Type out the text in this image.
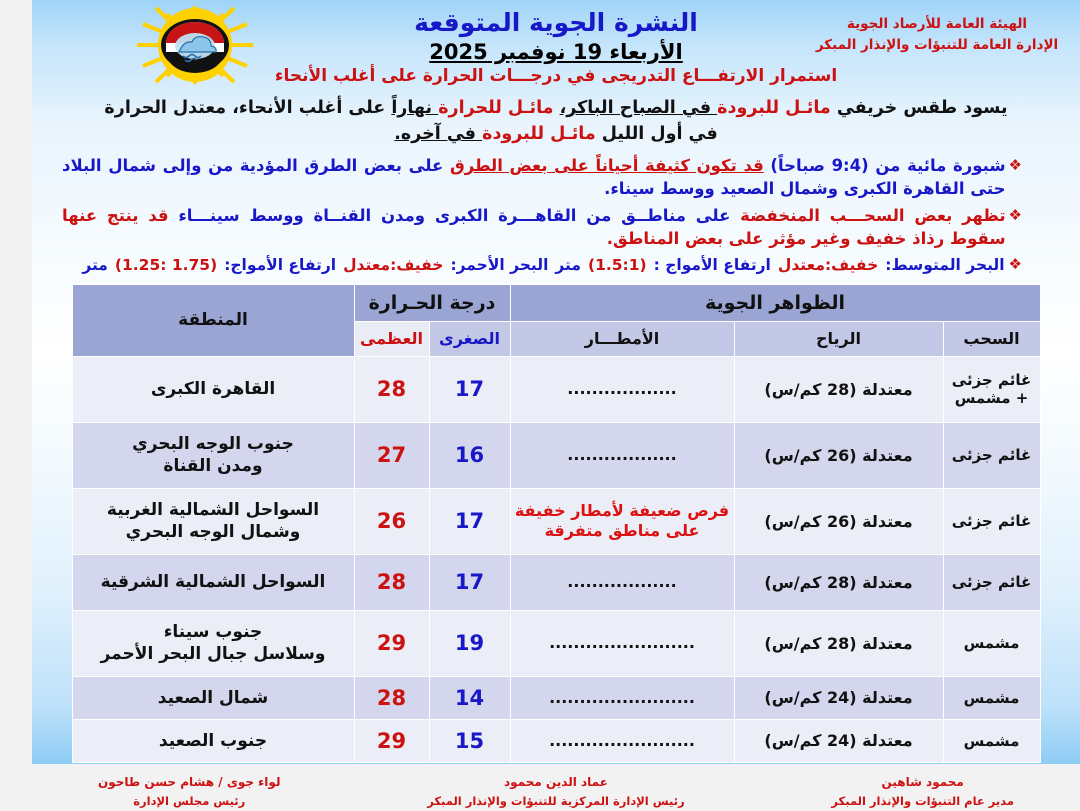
الهيئة العامة للأرصاد الجوية
الإدارة العامة للتنبؤات والإنذار المبكر
النشرة الجوية المتوقعة
الأربعاء 19 نوفمبر 2025
استمرار الارتفـــاع التدريجى في درجـــات الحرارة على أغلب الأنحاء
يسود طقس خريفي مائـل للبرودة في الصباح الباكر، مائـل للحرارة نهاراً على أغلب الأنحاء، معتدل الحرارة في أول الليل مائـل للبرودة في آخره.
❖
شبورة مائية من (9:4 صباحاً) قد تكون كثيفة أحياناً على بعض الطرق على بعض الطرق المؤدية من وإلى شمال البلاد حتى القاهرة الكبرى وشمال الصعيد ووسط سيناء.
❖
تظهر بعض السحـــب المنخفضة على مناطــق من القاهـــرة الكبرى ومدن القنــاة ووسط سينـــاء قد ينتج عنها سقوط رذاذ خفيف وغير مؤثر على بعض المناطق.
❖
البحر المتوسط:
خفيف:معتدل
ارتفاع الأمواج :
(1.5:1)
متر
البحر الأحمر:
خفيف:معتدل
ارتفاع الأمواج:
(1.75 :1.25)
متر
الظواهر الجوية			درجة الحـرارة		المنطقة
السحب	الرياح	الأمطـــار	الصغرى	العظمى	
غائم جزئى
+ مشمس	معتدلة (28 كم/س)	..................	17	28	القاهرة الكبرى
غائم جزئى	معتدلة (26 كم/س)	..................	16	27	جنوب الوجه البحري
ومدن القناة
غائم جزئى	معتدلة (26 كم/س)	فرص ضعيفة لأمطار خفيفة
على مناطق متفرقة	17	26	السواحل الشمالية الغربية
وشمال الوجه البحري
غائم جزئى	معتدلة (28 كم/س)	..................	17	28	السواحل الشمالية الشرقية
مشمس	معتدلة (28 كم/س)	........................	19	29	جنوب سيناء
وسلاسل جبال البحر الأحمر
مشمس	معتدلة (24 كم/س)	........................	14	28	شمال الصعيد
مشمس	معتدلة (24 كم/س)	........................	15	29	جنوب الصعيد
محمود شاهين
مدير عام التنبؤات والإنذار المبكر
عماد الدين محمود
رئيس الإدارة المركزية للتنبؤات والإنذار المبكر
لواء جوى / هشام حسن طاحون
رئيس مجلس الإدارة
